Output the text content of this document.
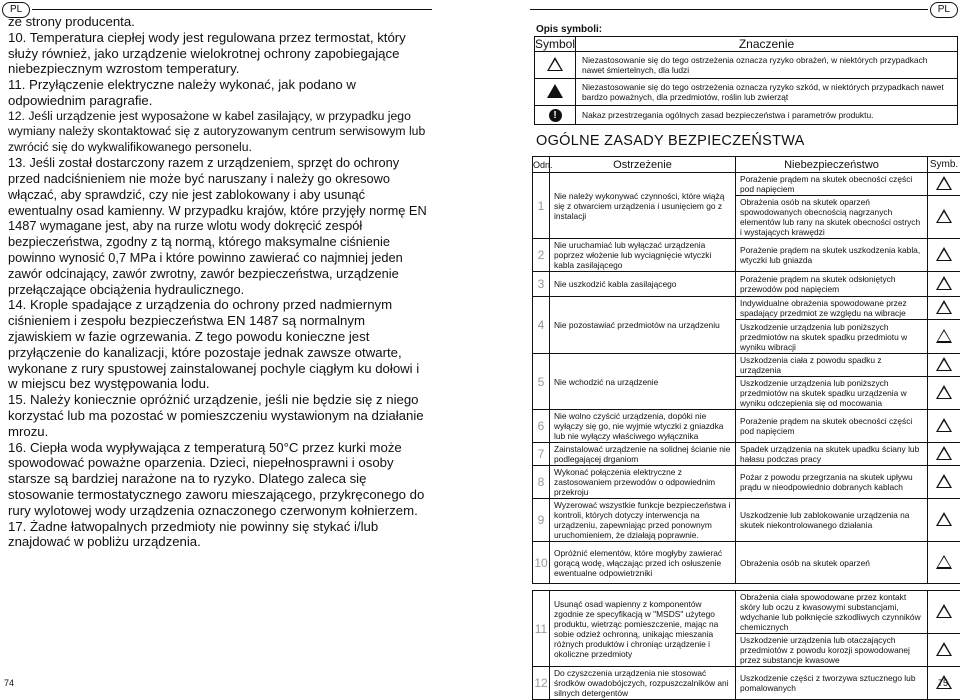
PL	PL

ze strony producenta.

10. Temperatura ciepłej wody jest regulowana przez termostat, który służy również, jako urządzenie wielokrotnej ochrony zapobiegające niebezpiecznym wzrostom temperatury.

11. Przyłączenie elektryczne należy wykonać, jak podano w odpowiednim paragrafie.

12. Jeśli urządzenie jest wyposażone w kabel zasilający, w przypadku jego wymiany należy skontaktować się z autoryzowanym centrum serwisowym lub zwrócić się do wykwalifikowanego personelu.

13. Jeśli został dostarczony razem z urządzeniem, sprzęt do ochrony przed nadciśnieniem nie może być naruszany i należy go okresowo włączać, aby sprawdzić, czy nie jest zablokowany i aby usunąć ewentualny osad kamienny. W przypadku krajów, które przyjęły normę EN 1487 wymagane jest, aby na rurze wlotu wody dokręcić zespół bezpieczeństwa, zgodny z tą normą, którego maksymalne ciśnienie powinno wynosić 0,7 MPa i które powinno zawierać co najmniej jeden zawór odcinający, zawór zwrotny, zawór bezpieczeństwa, urządzenie przełączające obciążenia hydraulicznego.

14. Krople spadające z urządzenia do ochrony przed nadmiernym ciśnieniem i zespołu bezpieczeństwa EN 1487 są normalnym zjawiskiem w fazie ogrzewania. Z tego powodu konieczne jest przyłączenie do kanalizacji, które pozostaje jednak zawsze otwarte, wykonane z rury spustowej zainstalowanej pochyle ciągłym ku dołowi i w miejscu bez występowania lodu.

15. Należy koniecznie opróżnić urządzenie, jeśli nie będzie się z niego korzystać lub ma pozostać w pomieszczeniu wystawionym na działanie mrozu.

16. Ciepła woda wypływająca z temperaturą 50°C przez kurki może spowodować poważne oparzenia. Dzieci, niepełnosprawni i osoby starsze są bardziej narażone na to ryzyko. Dlatego zaleca się stosowanie termostatycznego zaworu mieszającego, przykręconego do rury wylotowej wody urządzenia oznaczonego czerwonym kołnierzem.

17. Żadne łatwopalnych przedmioty nie powinny się stykać i/lub znajdować w pobliżu urządzenia.

74
Opis symboli:
Symbol	Znaczenie
	Niezastosowanie się do tego ostrzeżenia oznacza ryzyko obrażeń, w niektórych przypadkach nawet śmiertelnych, dla ludzi
	Niezastosowanie się do tego ostrzeżenia oznacza ryzyko szkód, w niektórych przypadkach nawet bardzo poważnych, dla przedmiotów, roślin lub zwierząt
!	Nakaz przestrzegania ogólnych zasad bezpieczeństwa i parametrów produktu.
OGÓLNE ZASADY BEZPIECZEŃSTWA
Odn.	Ostrzeżenie	Niebezpieczeństwo	Symb.
1	Nie należy wykonywać czynności, które wiążą się z otwarciem urządzenia i usunięciem go z instalacji	Porażenie prądem na skutek obecności części pod napięciem	
		Obrażenia osób na skutek oparzeń spowodowanych obecnością nagrzanych elementów lub rany na skutek obecności ostrych i wystających krawędzi	
2	Nie uruchamiać lub wyłączać urządzenia poprzez włożenie lub wyciągnięcie wtyczki kabla zasilającego	Porażenie prądem na skutek uszkodzenia kabla, wtyczki lub gniazda	
3	Nie uszkodzić kabla zasilającego	Porażenie prądem na skutek odsłoniętych przewodów pod napięciem	
4	Nie pozostawiać przedmiotów na urządzeniu	Indywidualne obrażenia spowodowane przez spadający przedmiot ze względu na wibracje	
		Uszkodzenie urządzenia lub poniższych przedmiotów na skutek spadku przedmiotu w wyniku wibracji	
5	Nie wchodzić na urządzenie	Uszkodzenia ciała z powodu spadku z urządzenia	
		Uszkodzenie urządzenia lub poniższych przedmiotów na skutek spadku urządzenia w wyniku odczepienia się od mocowania	
6	Nie wolno czyścić urządzenia, dopóki nie wyłączy się go, nie wyjmie wtyczki z gniazdka lub nie wyłączy właściwego wyłącznika	Porażenie prądem na skutek obecności części pod napięciem	
7	Zainstalować urządzenie na solidnej ścianie nie podlegającej drganiom	Spadek urządzenia na skutek upadku ściany lub hałasu podczas pracy	
8	Wykonać połączenia elektryczne z zastosowaniem przewodów o odpowiednim przekroju	Pożar z powodu przegrzania na skutek upływu prądu w nieodpowiednio dobranych kablach	
9	Wyzerować wszystkie funkcje bezpieczeństwa i kontroli, których dotyczy interwencja na urządzeniu, zapewniając przed ponownym uruchomieniem, że działają poprawnie.	Uszkodzenie lub zablokowanie urządzenia na skutek niekontrolowanego działania	
10	Opróżnić elementów, które mogłyby zawierać gorącą wodę, włączając przed ich osłuszenie ewentualne odpowietrzniki	Obrażenia osób na skutek oparzeń	

11	Usunąć osad wapienny z komponentów zgodnie ze specyfikacją w "MSDS" użytego produktu, wietrząc pomieszczenie, mając na sobie odzież ochronną, unikając mieszania różnych produktów i chroniąc urządzenie i okoliczne przedmioty	Obrażenia ciała spowodowane przez kontakt skóry lub oczu z kwasowymi substancjami, wdychanie lub połknięcie szkodliwych czynników chemicznych	
		Uszkodzenie urządzenia lub otaczających przedmiotów z powodu korozji spowodowanej przez substancje kwasowe	
12	Do czyszczenia urządzenia nie stosować środków owadobójczych, rozpuszczalników ani silnych detergentów	Uszkodzenie części z tworzywa sztucznego lub pomalowanych		75
